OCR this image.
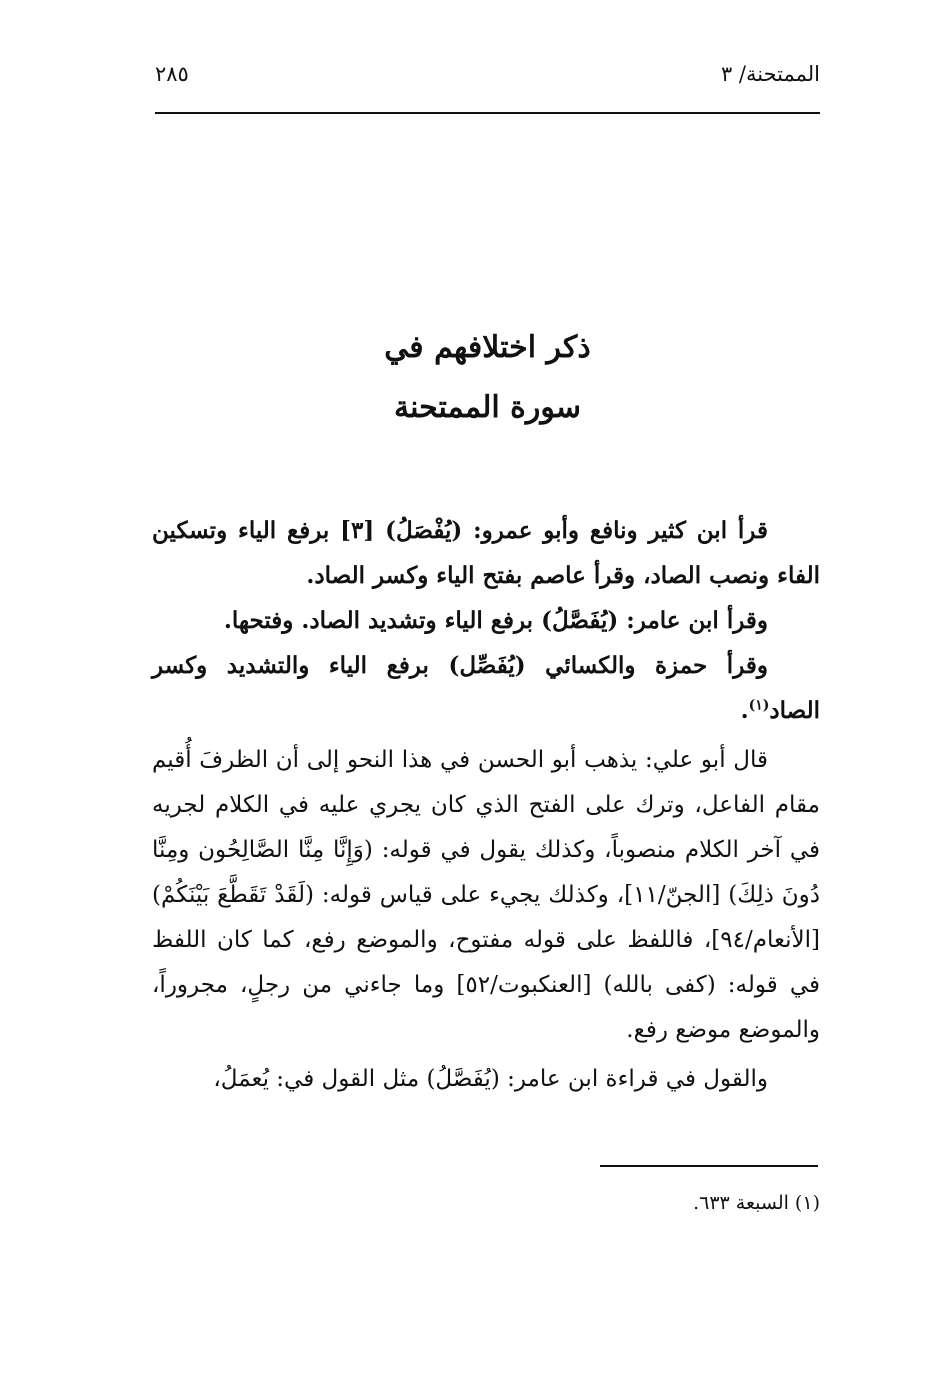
الممتحنة/ ٣
٢٨٥
ذكر اختلافهم في
سورة الممتحنة

قرأ ابن كثير ونافع وأبو عمرو: (يُفْصَلُ) [٣] برفع الياء وتسكين الفاء ونصب الصاد، وقرأ عاصم بفتح الياء وكسر الصاد.

وقرأ ابن عامر: (يُفَصَّلُ) برفع الياء وتشديد الصاد. وفتحها.

وقرأ حمزة والكسائي (يُفَصِّل) برفع الياء والتشديد وكسر الصاد$^{(١)}$.

قال أبو علي: يذهب أبو الحسن في هذا النحو إلى أن الظرفَ أُقيم مقام الفاعل، وترك على الفتح الذي كان يجري عليه في الكلام لجريه في آخر الكلام منصوباً، وكذلك يقول في قوله: (وَإِنَّا مِنَّا الصَّالِحُون ومِنَّا دُونَ ذلِكَ) [الجنّ/١١]، وكذلك يجيء على قياس قوله: (لَقَدْ تَقَطَّعَ بَيْنَكُمْ) [الأنعام/٩٤]، فاللفظ على قوله مفتوح، والموضع رفع، كما كان اللفظ في قوله: (كفى بالله) [العنكبوت/٥٢] وما جاءني من رجلٍ، مجروراً، والموضع موضع رفع.

والقول في قراءة ابن عامر: (يُفَصَّلُ) مثل القول في: يُعمَلُ،

(١) السبعة ٦٣٣.
